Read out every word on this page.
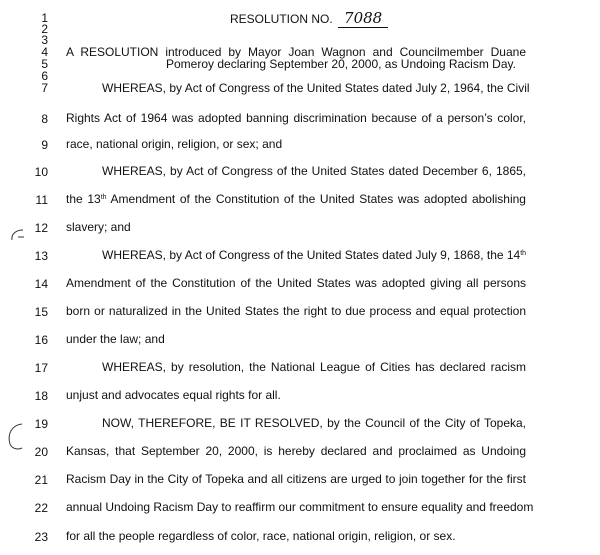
RESOLUTION NO. 7088
1
2
3
4
5
6
7
8
9
10
11
12
13
14
15
16
17
18
19
20
21
22
23
A RESOLUTION introduced by Mayor Joan Wagnon and Councilmember Duane
Pomeroy declaring September 20, 2000, as Undoing Racism Day.
WHEREAS, by Act of Congress of the United States dated July 2, 1964, the Civil
Rights Act of 1964 was adopted banning discrimination because of a person’s color,
race, national origin, religion, or sex; and
WHEREAS, by Act of Congress of the United States dated December 6, 1865,
the 13th Amendment of the Constitution of the United States was adopted abolishing
slavery; and
WHEREAS, by Act of Congress of the United States dated July 9, 1868, the 14th
Amendment of the Constitution of the United States was adopted giving all persons
born or naturalized in the United States the right to due process and equal protection
under the law; and
WHEREAS, by resolution, the National League of Cities has declared racism
unjust and advocates equal rights for all.
NOW, THEREFORE, BE IT RESOLVED, by the Council of the City of Topeka,
Kansas, that September 20, 2000, is hereby declared and proclaimed as Undoing
Racism Day in the City of Topeka and all citizens are urged to join together for the first
annual Undoing Racism Day to reaffirm our commitment to ensure equality and freedom
for all the people regardless of color, race, national origin, religion, or sex.
